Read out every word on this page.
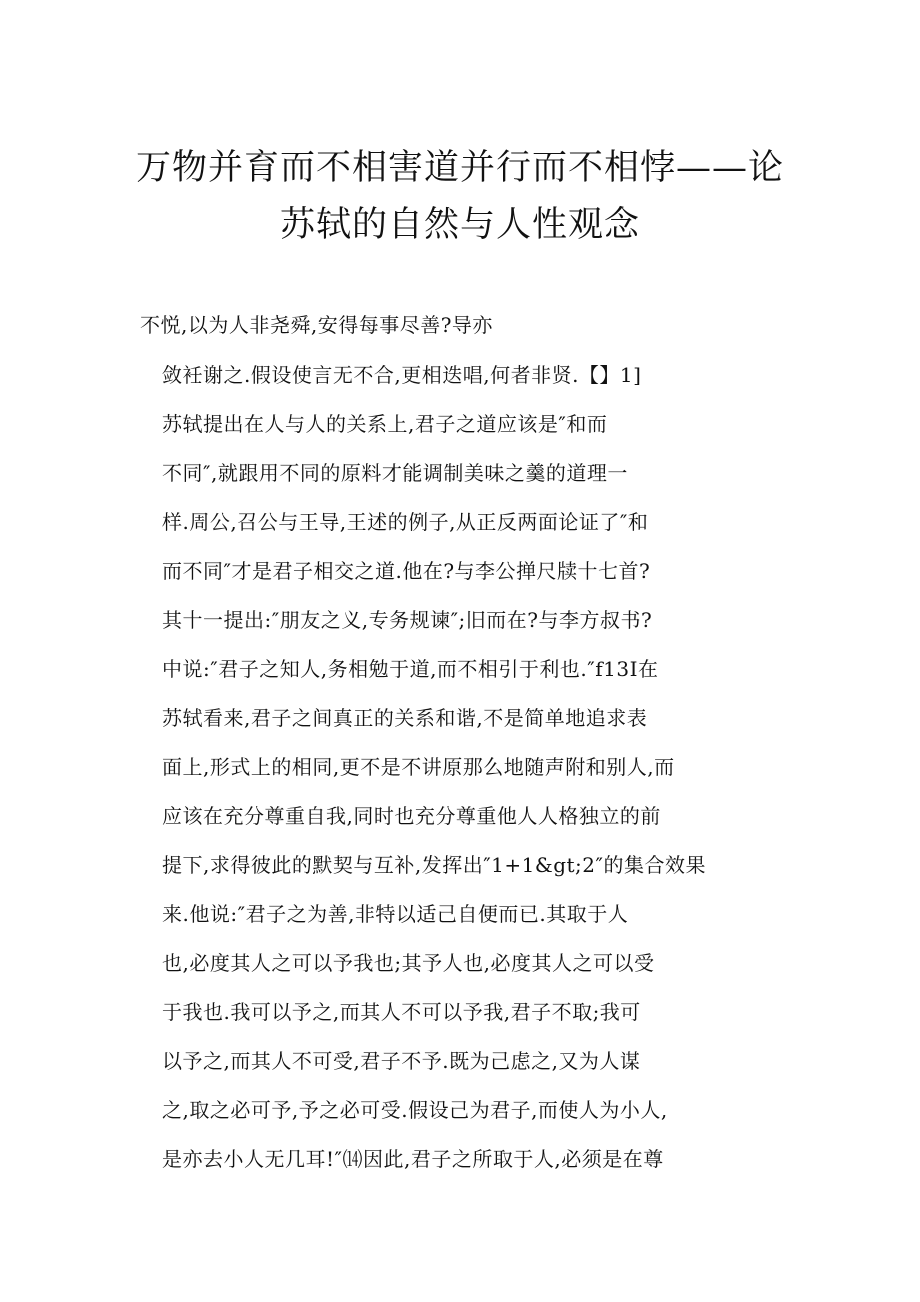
万物并育而不相害道并行而不相悖——论
苏轼的自然与人性观念
不悦,以为人非尧舜,安得每事尽善?导亦
敛衽谢之.假设使言无不合,更相迭唱,何者非贤.【】1]
苏轼提出在人与人的关系上,君子之道应该是″和而
不同″,就跟用不同的原料才能调制美味之羹的道理一
样.周公,召公与王导,王述的例子,从正反两面论证了″和
而不同″才是君子相交之道.他在?与李公掸尺牍十七首?
其十一提出:″朋友之义,专务规谏″;旧而在?与李方叔书?
中说:″君子之知人,务相勉于道,而不相引于利也.″f13I在
苏轼看来,君子之间真正的关系和谐,不是简单地追求表
面上,形式上的相同,更不是不讲原那么地随声附和别人,而
应该在充分尊重自我,同时也充分尊重他人人格独立的前
提下,求得彼此的默契与互补,发挥出″1+1&gt;2″的集合效果
来.他说:″君子之为善,非特以适己自便而已.其取于人
也,必度其人之可以予我也;其予人也,必度其人之可以受
于我也.我可以予之,而其人不可以予我,君子不取;我可
以予之,而其人不可受,君子不予.既为己虑之,又为人谋
之,取之必可予,予之必可受.假设己为君子,而使人为小人,
是亦去小人无几耳!″⒁因此,君子之所取于人,必须是在尊
